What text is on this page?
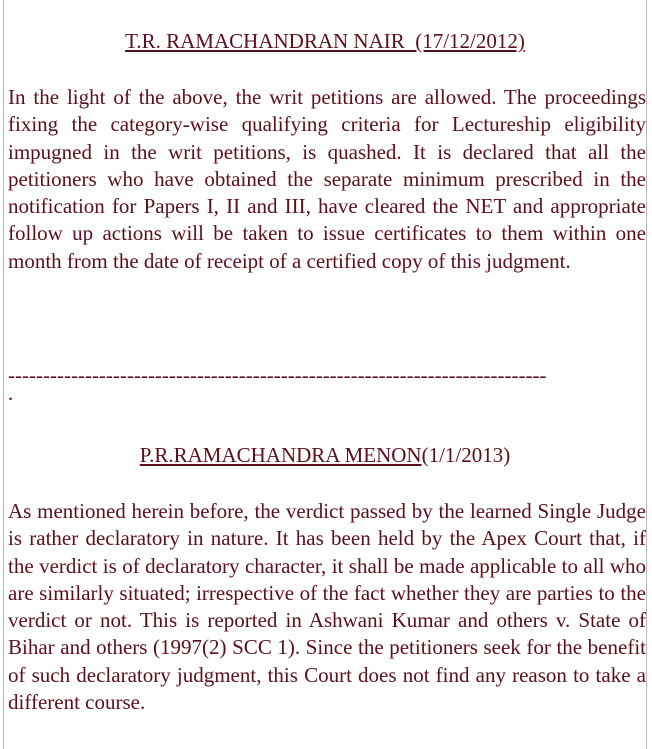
T.R. RAMACHANDRAN NAIR  (17/12/2012)

In the light of the above, the writ petitions are allowed. The proceedings fixing the category-wise qualifying criteria for Lectureship eligibility impugned in the writ petitions, is quashed. It is declared that all the petitioners who have obtained the separate minimum prescribed in the notification for Papers I, II and III, have cleared the NET and appropriate follow up actions will be taken to issue certificates to them within one month from the date of receipt of a certified copy of this judgment.

-----------------------------------------------------------------------------
.
P.R.RAMACHANDRA MENON(1/1/2013)

As mentioned herein before, the verdict passed by the learned Single Judge is rather declaratory in nature. It has been held by the Apex Court that, if the verdict is of declaratory character, it shall be made applicable to all who are similarly situated; irrespective of the fact whether they are parties to the verdict or not. This is reported in Ashwani Kumar and others v. State of Bihar and others (1997(2) SCC 1). Since the petitioners seek for the benefit of such declaratory judgment, this Court does not find any reason to take a different course.
